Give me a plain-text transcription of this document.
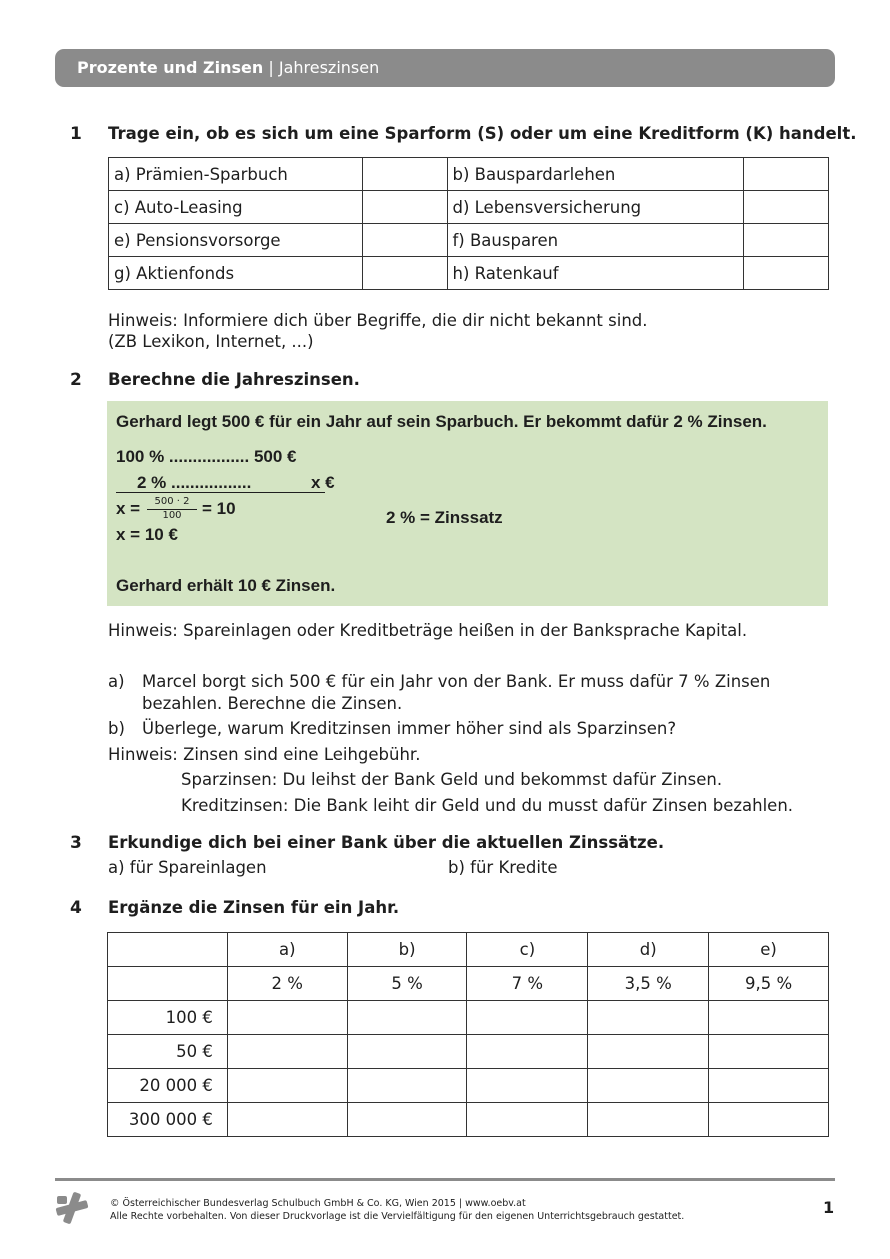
Prozente und Zinsen | Jahreszinsen
1 Trage ein, ob es sich um eine Sparform (S) oder um eine Kreditform (K) handelt.
a) Prämien-Sparbuch		b) Bauspardarlehen	
c) Auto-Leasing		d) Lebensversicherung	
e) Pensionsvorsorge		f) Bausparen	
g) Aktienfonds		h) Ratenkauf	
Hinweis: Informiere dich über Begriffe, die dir nicht bekannt sind.
(ZB Lexikon, Internet, ...)
2 Berechne die Jahreszinsen.
Gerhard legt 500 € für ein Jahr auf sein Sparbuch. Er bekommt dafür 2 % Zinsen.
100 % ................. 500 €
2 % .................	x €
x =	500 · 2
100	= 10
x = 10 €
2 % = Zinssatz
Gerhard erhält 10 € Zinsen.
Hinweis: Spareinlagen oder Kreditbeträge heißen in der Banksprache Kapital.
a) Marcel borgt sich 500 € für ein Jahr von der Bank. Er muss dafür 7 % Zinsen
bezahlen. Berechne die Zinsen.
b) Überlege, warum Kreditzinsen immer höher sind als Sparzinsen?
Hinweis: Zinsen sind eine Leihgebühr.
Sparzinsen: Du leihst der Bank Geld und bekommst dafür Zinsen.
Kreditzinsen: Die Bank leiht dir Geld und du musst dafür Zinsen bezahlen.
3 Erkundige dich bei einer Bank über die aktuellen Zinssätze.
a) für Spareinlagen	b) für Kredite
4 Ergänze die Zinsen für ein Jahr.
	a)	b)	c)	d)	e)
	2 %	5 %	7 %	3,5 %	9,5 %
100 €					
50 €					
20 000 €					
300 000 €					
© Österreichischer Bundesverlag Schulbuch GmbH & Co. KG, Wien 2015 | www.oebv.at
Alle Rechte vorbehalten. Von dieser Druckvorlage ist die Vervielfältigung für den eigenen Unterrichtsgebrauch gestattet.	1
